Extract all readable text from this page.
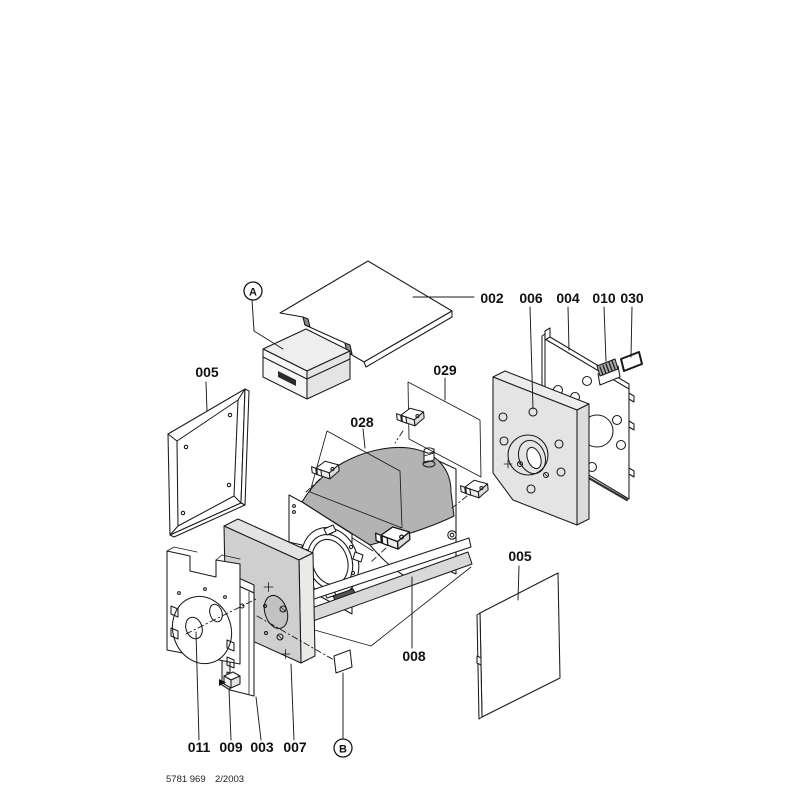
002 006 004 010 030
005	029
028
008
005
011 009 003 007
A
B
5781 969 2/2003
